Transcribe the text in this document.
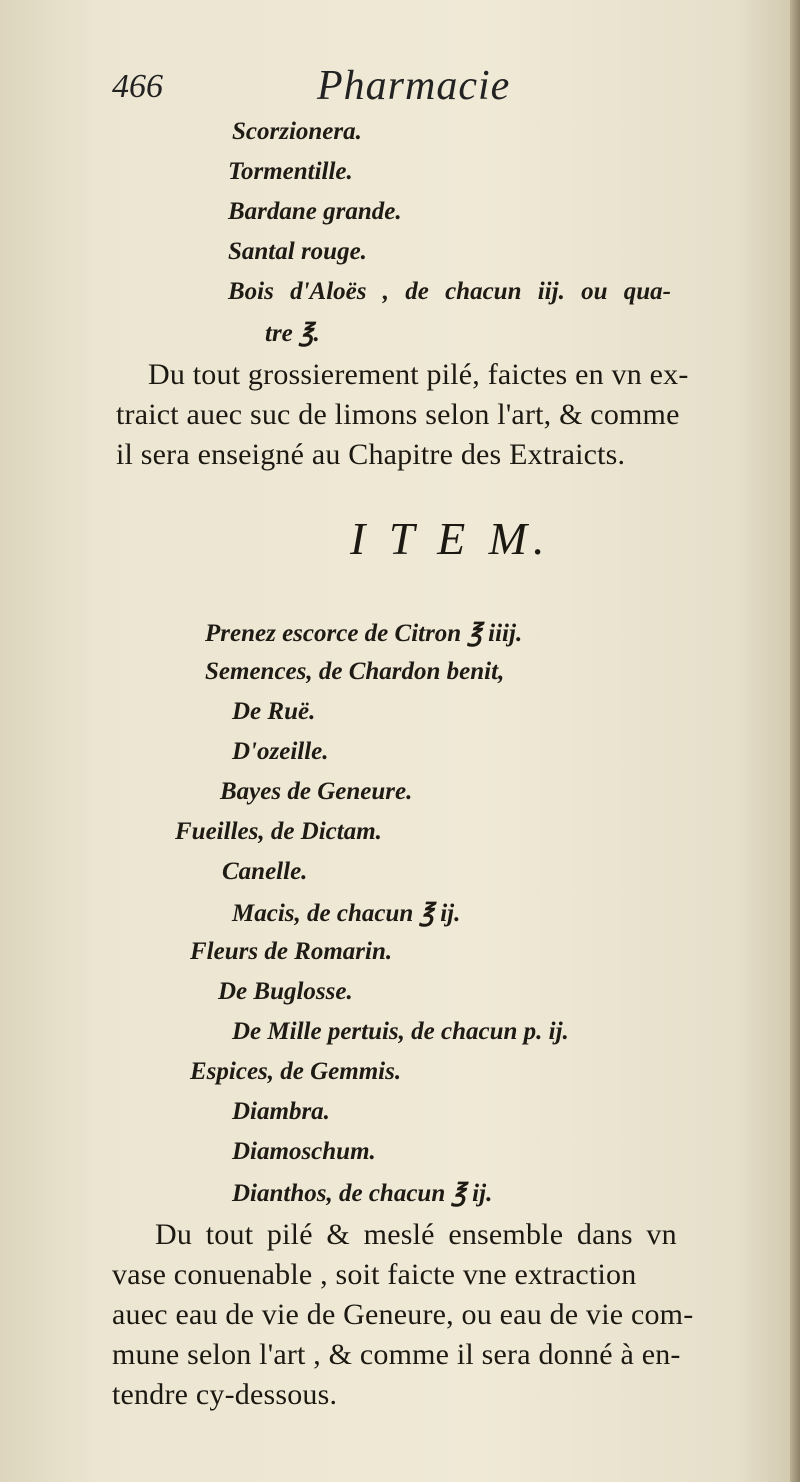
466	Pharmacie
Scorzionera.
Tormentille.
Bardane grande.
Santal rouge.
Bois d'Aloës , de chacun iij. ou qua-
tre ℥.
Du tout grossierement pilé, faictes en vn ex-
traict auec suc de limons selon l'art, & comme
il sera enseigné au Chapitre des Extraicts.
I T E M.
Prenez escorce de Citron ℥ iiij.
Semences, de Chardon benit,
De Ruë.
D'ozeille.
Bayes de Geneure.
Fueilles, de Dictam.
Canelle.
Macis, de chacun ℥ ij.
Fleurs de Romarin.
De Buglosse.
De Mille pertuis, de chacun p. ij.
Espices, de Gemmis.
Diambra.
Diamoschum.
Dianthos, de chacun ℥ ij.
Du tout pilé & meslé ensemble dans vn
vase conuenable , soit faicte vne extraction
auec eau de vie de Geneure, ou eau de vie com-
mune selon l'art , & comme il sera donné à en-
tendre cy-dessous.
